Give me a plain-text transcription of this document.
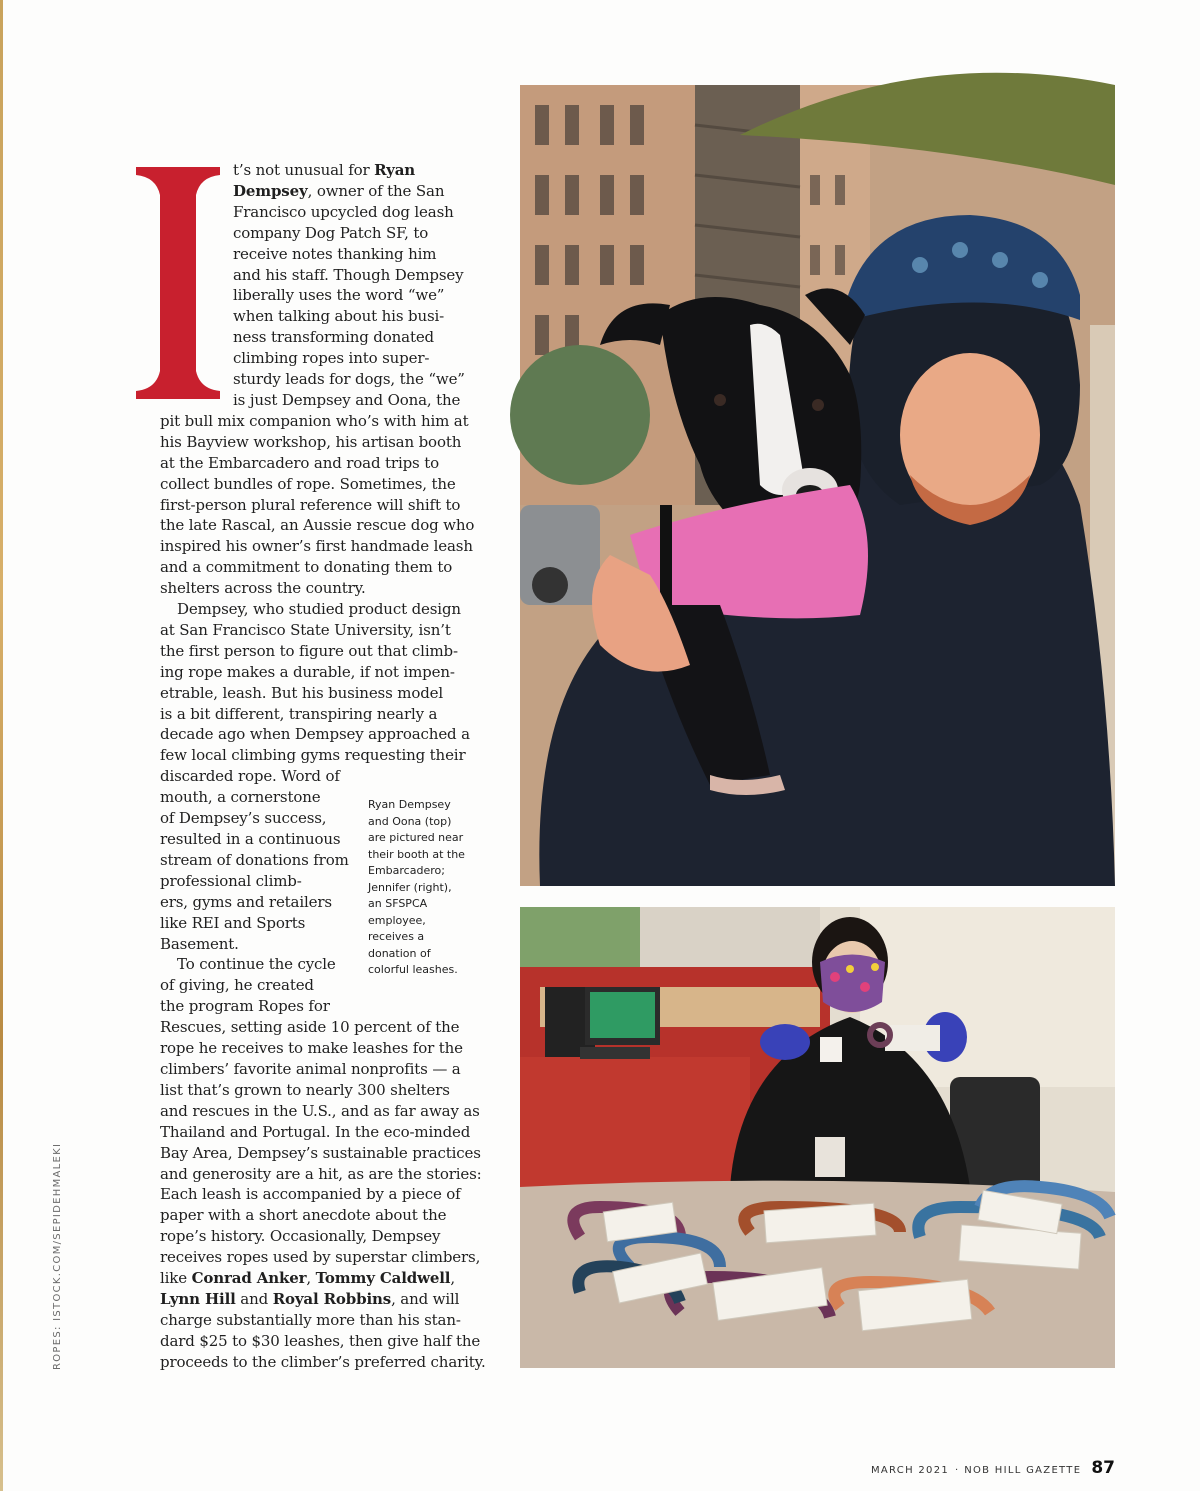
I

t’s not unusual for Ryan
Dempsey, owner of the San
Francisco upcycled dog leash
company Dog Patch SF, to
receive notes thanking him
and his staff. Though Dempsey
liberally uses the word “we”
when talking about his busi-
ness transforming donated
climbing ropes into super-
sturdy leads for dogs, the “we”
is just Dempsey and Oona, the
pit bull mix companion who’s with him at
his Bayview workshop, his artisan booth
at the Embarcadero and road trips to
collect bundles of rope. Sometimes, the
first-person plural reference will shift to
the late Rascal, an Aussie rescue dog who
inspired his owner’s first handmade leash
and a commitment to donating them to
shelters across the country.

Dempsey, who studied product design
at San Francisco State University, isn’t
the first person to figure out that climb-
ing rope makes a durable, if not impen-
etrable, leash. But his business model
is a bit different, transpiring nearly a
decade ago when Dempsey approached a
few local climbing gyms requesting their
discarded rope. Word of
mouth, a cornerstone
of Dempsey’s success,
resulted in a continuous
stream of donations from
professional climb-
ers, gyms and retailers
like REI and Sports
Basement.

To continue the cycle
of giving, he created
the program Ropes for
Rescues, setting aside 10 percent of the
rope he receives to make leashes for the
climbers’ favorite animal nonprofits — a
list that’s grown to nearly 300 shelters
and rescues in the U.S., and as far away as
Thailand and Portugal. In the eco-minded
Bay Area, Dempsey’s sustainable practices
and generosity are a hit, as are the stories:
Each leash is accompanied by a piece of
paper with a short anecdote about the
rope’s history. Occasionally, Dempsey
receives ropes used by superstar climbers,
like Conrad Anker, Tommy Caldwell,
Lynn Hill and Royal Robbins, and will
charge substantially more than his stan-
dard $25 to $30 leashes, then give half the
proceeds to the climber’s preferred charity.

Ryan Dempsey
and Oona (top)
are pictured near
their booth at the
Embarcadero;
Jennifer (right),
an SFSPCA
employee,
receives a
donation of
colorful leashes.

ROPES: ISTOCK.COM/SEPIDEHMALEKI
MARCH 2021 · NOB HILL GAZETTE 87
